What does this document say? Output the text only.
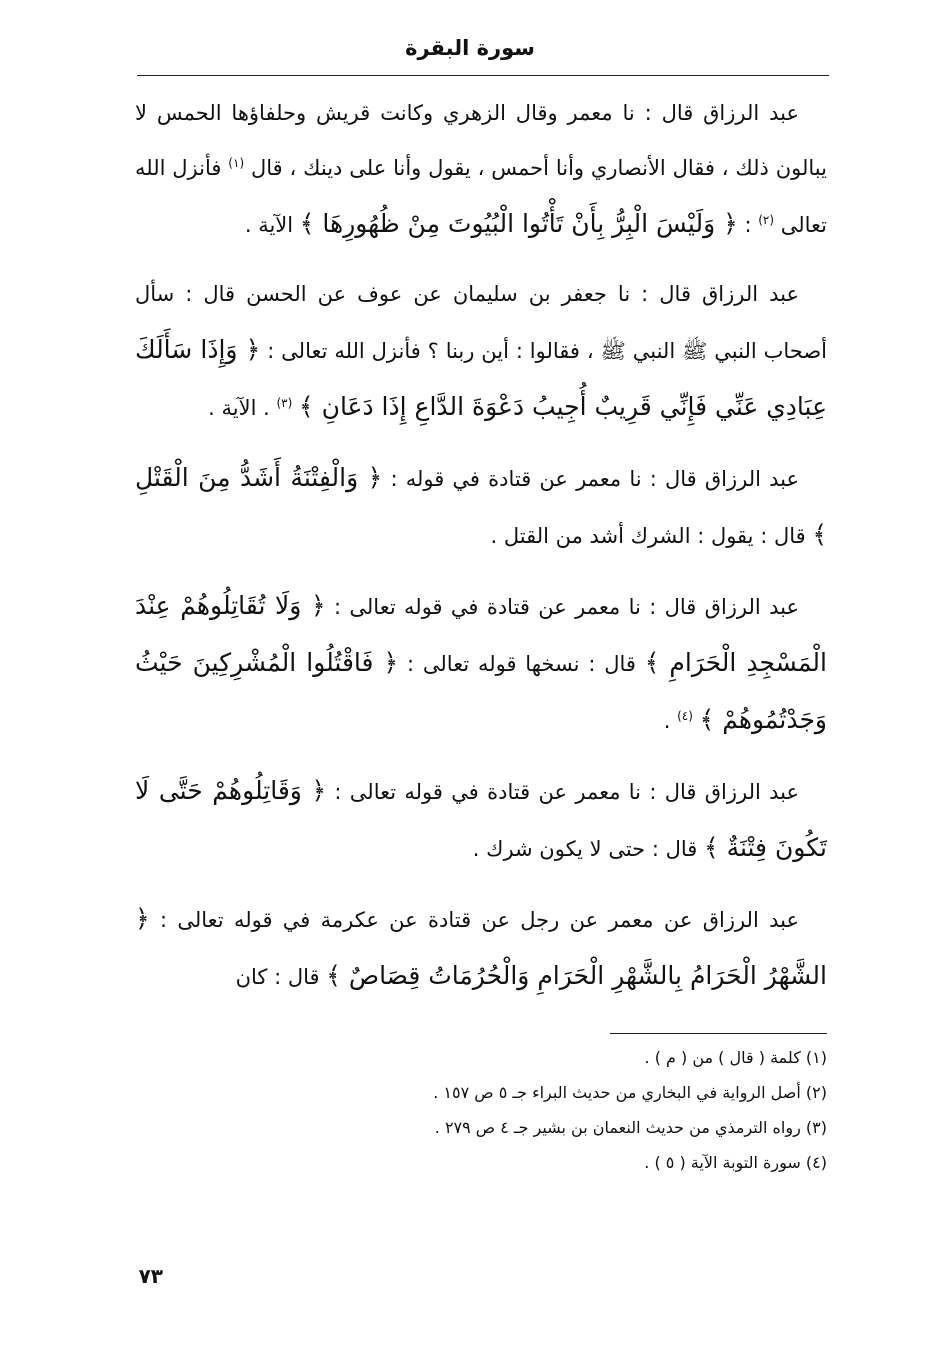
سورة البقرة

عبد الرزاق قال : نا معمر وقال الزهري وكانت قريش وحلفاؤها الحمس لا يبالون ذلك ، فقال الأنصاري وأنا أحمس ، يقول وأنا على دينك ، قال $^{(١)}$ فأنزل الله تعالى $^{(٢)}$ : ﴿ وَلَيْسَ الْبِرُّ بِأَنْ تَأْتُوا الْبُيُوتَ مِنْ ظُهُورِهَا ﴾ الآية .

عبد الرزاق قال : نا جعفر بن سليمان عن عوف عن الحسن قال : سأل أصحاب النبي ﷺ النبي ﷺ ، فقالوا : أين ربنا ؟ فأنزل الله تعالى : ﴿ وَإِذَا سَأَلَكَ عِبَادِي عَنِّي فَإِنِّي قَرِيبٌ أُجِيبُ دَعْوَةَ الدَّاعِ إِذَا دَعَانِ ﴾ $^{(٣)}$ . الآية .

عبد الرزاق قال : نا معمر عن قتادة في قوله : ﴿ وَالْفِتْنَةُ أَشَدُّ مِنَ الْقَتْلِ ﴾ قال : يقول : الشرك أشد من القتل .

عبد الرزاق قال : نا معمر عن قتادة في قوله تعالى : ﴿ وَلَا تُقَاتِلُوهُمْ عِنْدَ الْمَسْجِدِ الْحَرَامِ ﴾ قال : نسخها قوله تعالى : ﴿ فَاقْتُلُوا الْمُشْرِكِينَ حَيْثُ وَجَدْتُمُوهُمْ ﴾ $^{(٤)}$ .

عبد الرزاق قال : نا معمر عن قتادة في قوله تعالى : ﴿ وَقَاتِلُوهُمْ حَتَّى لَا تَكُونَ فِتْنَةٌ ﴾ قال : حتى لا يكون شرك .

عبد الرزاق عن معمر عن رجل عن قتادة عن عكرمة في قوله تعالى : ﴿ الشَّهْرُ الْحَرَامُ بِالشَّهْرِ الْحَرَامِ وَالْحُرُمَاتُ قِصَاصٌ ﴾ قال : كان

(١) كلمة ( قال ) من ( م ) .
(٢) أصل الرواية في البخاري من حديث البراء جـ ٥ ص ١٥٧ .
(٣) رواه الترمذي من حديث النعمان بن بشير جـ ٤ ص ٢٧٩ .
(٤) سورة التوبة الآية ( ٥ ) .
٧٣
